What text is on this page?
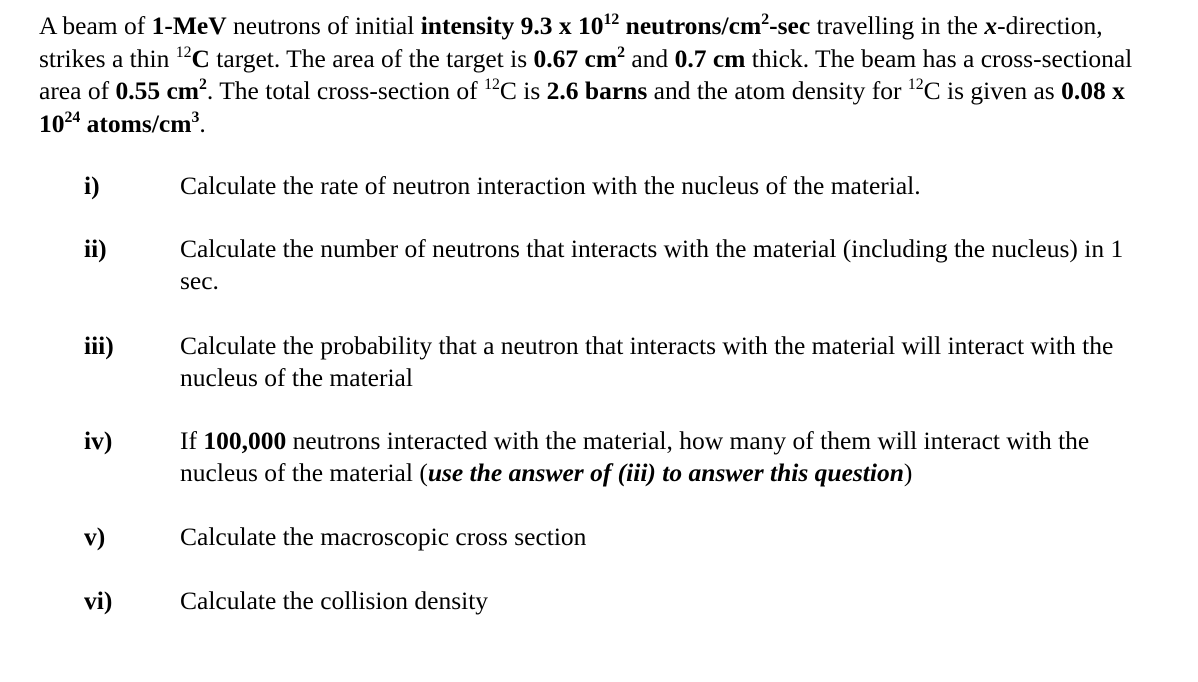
A beam of 1-MeV neutrons of initial intensity 9.3 x $10^{12}$ neutrons/$cm^2-\sec$ travelling in the x-direction, strikes a thin $^{12}$C target. The area of the target is 0.67 $cm^2$ and 0.7 cm thick. The beam has a cross-sectional area of 0.55 $cm^2$. The total cross-section of $^{12}$C is 2.6 barns and the atom density for $^{12}$C is given as 0.08 x $10^{24}$ atoms/$cm^3$.
i)	Calculate the rate of neutron interaction with the nucleus of the material.
ii)	Calculate the number of neutrons that interacts with the material (including the nucleus) in 1 sec.
iii)	Calculate the probability that a neutron that interacts with the material will interact with the nucleus of the material
iv)	If 100,000 neutrons interacted with the material, how many of them will interact with the nucleus of the material (use the answer of (iii) to answer this question)
v)	Calculate the macroscopic cross section
vi)	Calculate the collision density
